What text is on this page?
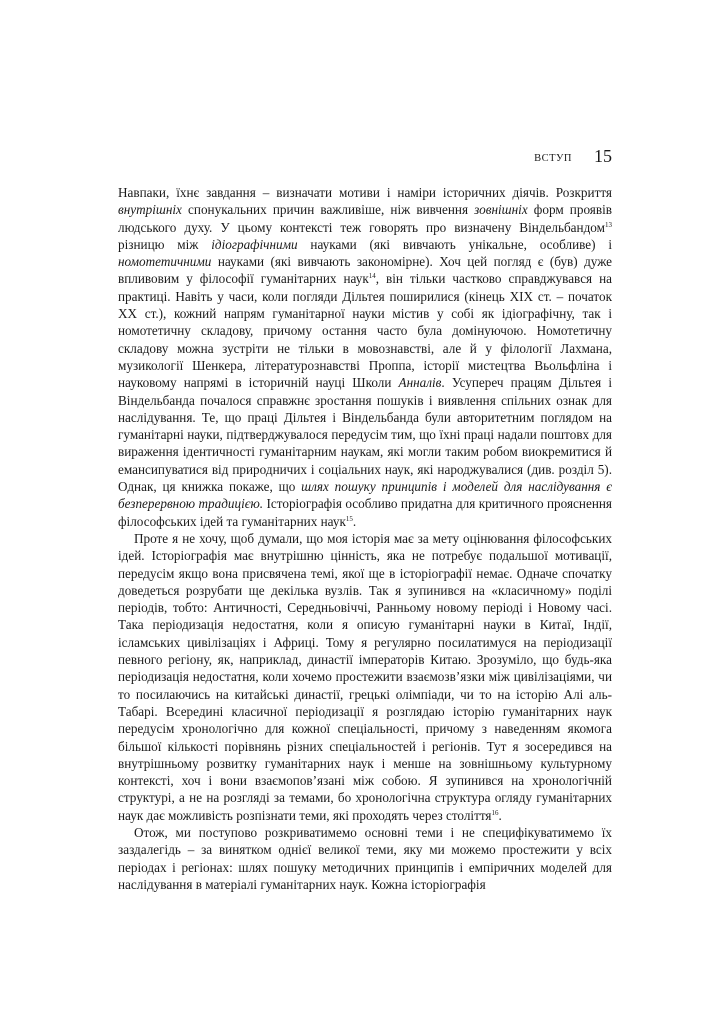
ВСТУП 15

Навпаки, їхнє завдання – визначати мотиви і наміри історичних діячів. Розкриття внутрішніх спонукальних причин важливіше, ніж вивчення зовнішніх форм проявів людського духу. У цьому контексті теж говорять про визначену Віндельбандом$^{13}$ різницю між ідіографічними науками (які вивчають унікальне, особливе) і номотетичними науками (які вивчають закономірне). Хоч цей погляд є (був) дуже впливовим у філософії гуманітарних наук$^{14}$, він тільки частково справджувався на практиці. Навіть у часи, коли погляди Дільтея поширилися (кінець XIX ст. – початок XX ст.), кожний напрям гуманітарної науки містив у собі як ідіографічну, так і номотетичну складову, причому остання часто була домінуючою. Номотетичну складову можна зустріти не тільки в мовознавстві, але й у філології Лахмана, музикології Шенкера, літературознавстві Проппа, історії мистецтва Вьольфліна і науковому напрямі в історичній науці Школи Анналів. Усупереч працям Дільтея і Віндельбанда почалося справжнє зростання пошуків і виявлення спільних ознак для наслідування. Те, що праці Дільтея і Віндельбанда були авторитетним поглядом на гуманітарні науки, підтверджувалося передусім тим, що їхні праці надали поштовх для вираження ідентичності гуманітарним наукам, які могли таким робом виокремитися й емансипуватися від природничих і соціальних наук, які народжувалися (див. розділ 5). Однак, ця книжка покаже, що шлях пошуку принципів і моделей для наслідування є безперервною традицією. Історіографія особливо придатна для критичного прояснення філософських ідей та гуманітарних наук$^{15}$.

Проте я не хочу, щоб думали, що моя історія має за мету оцінювання філософських ідей. Історіографія має внутрішню цінність, яка не потребує подальшої мотивації, передусім якщо вона присвячена темі, якої ще в історіографії немає. Одначе спочатку доведеться розрубати ще декілька вузлів. Так я зупинився на «класичному» поділі періодів, тобто: Античності, Середньовіччі, Ранньому новому періоді і Новому часі. Така періодизація недостатня, коли я описую гуманітарні науки в Китаї, Індії, ісламських цивілізаціях і Африці. Тому я регулярно посилатимуся на періодизації певного регіону, як, наприклад, династії імператорів Китаю. Зрозуміло, що будь-яка періодизація недостатня, коли хочемо простежити взаємозв’язки між цивілізаціями, чи то посилаючись на китайські династії, грецькі олімпіади, чи то на історію Алі аль-Табарі. Всередині класичної періодизації я розглядаю історію гуманітарних наук передусім хронологічно для кожної спеціальності, причому з наведенням якомога більшої кількості порівнянь різних спеціальностей і регіонів. Тут я зосередився на внутрішньому розвитку гуманітарних наук і менше на зовнішньому культурному контексті, хоч і вони взаємопов’язані між собою. Я зупинився на хронологічній структурі, а не на розгляді за темами, бо хронологічна структура огляду гуманітарних наук дає можливість розпізнати теми, які проходять через століття$^{16}$.

Отож, ми поступово розкриватимемо основні теми і не специфікуватимемо їх заздалегідь – за винятком однієї великої теми, яку ми можемо простежити у всіх періодах і регіонах: шлях пошуку методичних принципів і емпіричних моделей для наслідування в матеріалі гуманітарних наук. Кожна історіографія
